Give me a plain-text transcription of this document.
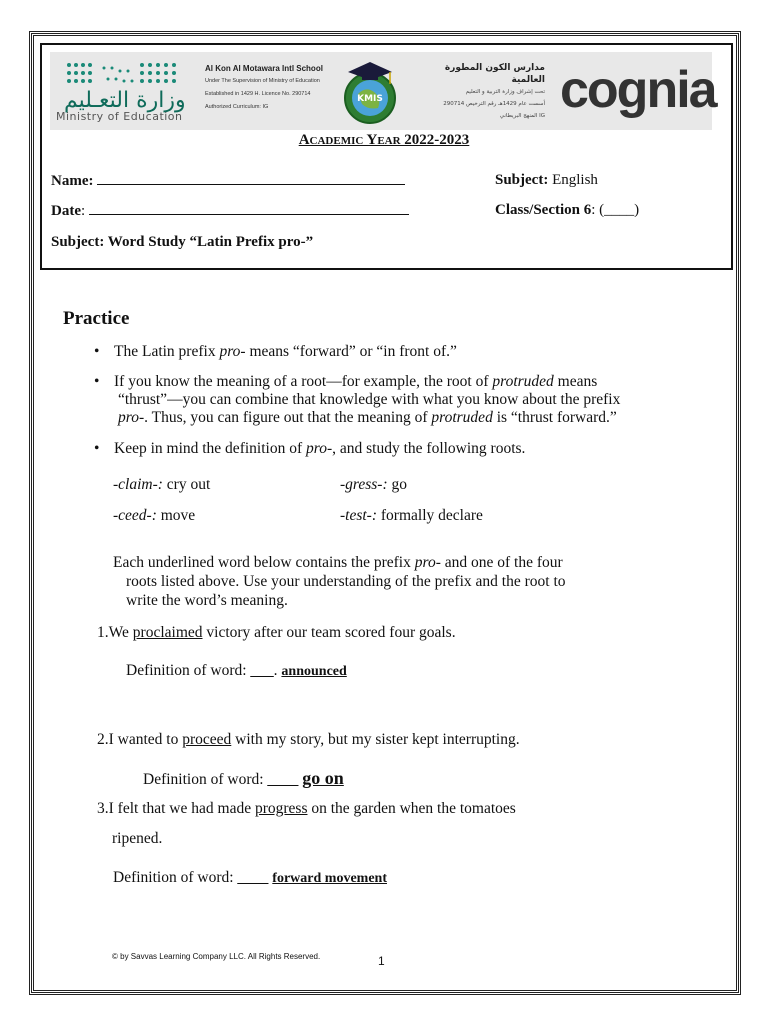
وزارة التعـليم
Ministry of Education
Al Kon Al Motawara Intl School
Under The Supervision of Ministry of Education
Established in 1429 H. Licence No. 290714
Authorized Curriculum: IG
KMIS
مدارس الكون المطورة العالمية
تحت إشراف وزارة التربية و التعليم
أسست عام 1429هـ رقم الترخيص 290714
المنهج البريطاني IG cognia
Academic Year 2022-2023
Name:	Subject: English
Date:	Class/Section 6: (____)
Subject: Word Study “Latin Prefix pro-”
Practice
• The Latin prefix pro- means “forward” or “in front of.”
• If you know the meaning of a root—for example, the root of protruded means
“thrust”—you can combine that knowledge with what you know about the prefix
pro-. Thus, you can figure out that the meaning of protruded is “thrust forward.”
• Keep in mind the definition of pro-, and study the following roots.
-claim-: cry out	-gress-: go
-ceed-: move	-test-: formally declare
Each underlined word below contains the prefix pro- and one of the four
roots listed above. Use your understanding of the prefix and the root to
write the word’s meaning.
1.We proclaimed victory after our team scored four goals.
Definition of word: ___. announced
2.I wanted to proceed with my story, but my sister kept interrupting.
Definition of word: ____ go on
3.I felt that we had made progress on the garden when the tomatoes
ripened.
Definition of word: ____ forward movement
© by Savvas Learning Company LLC. All Rights Reserved.	1
